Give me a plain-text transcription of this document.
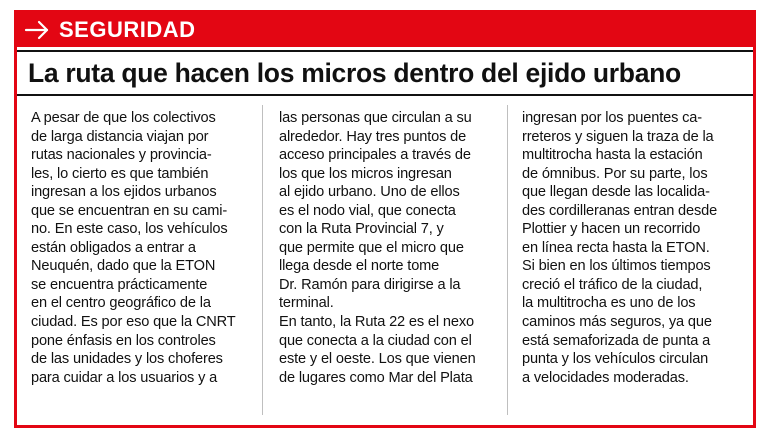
SEGURIDAD
La ruta que hacen los micros dentro del ejido urbano
A pesar de que los colectivos
de larga distancia viajan por
rutas nacionales y provincia-
les, lo cierto es que también
ingresan a los ejidos urbanos
que se encuentran en su cami-
no. En este caso, los vehículos
están obligados a entrar a
Neuquén, dado que la ETON
se encuentra prácticamente
en el centro geográfico de la
ciudad. Es por eso que la CNRT
pone énfasis en los controles
de las unidades y los choferes
para cuidar a los usuarios y a
las personas que circulan a su
alrededor. Hay tres puntos de
acceso principales a través de
los que los micros ingresan
al ejido urbano. Uno de ellos
es el nodo vial, que conecta
con la Ruta Provincial 7, y
que permite que el micro que
llega desde el norte tome
Dr. Ramón para dirigirse a la
terminal.
En tanto, la Ruta 22 es el nexo
que conecta a la ciudad con el
este y el oeste. Los que vienen
de lugares como Mar del Plata
ingresan por los puentes ca-
rreteros y siguen la traza de la
multitrocha hasta la estación
de ómnibus. Por su parte, los
que llegan desde las localida-
des cordilleranas entran desde
Plottier y hacen un recorrido
en línea recta hasta la ETON.
Si bien en los últimos tiempos
creció el tráfico de la ciudad,
la multitrocha es uno de los
caminos más seguros, ya que
está semaforizada de punta a
punta y los vehículos circulan
a velocidades moderadas.
